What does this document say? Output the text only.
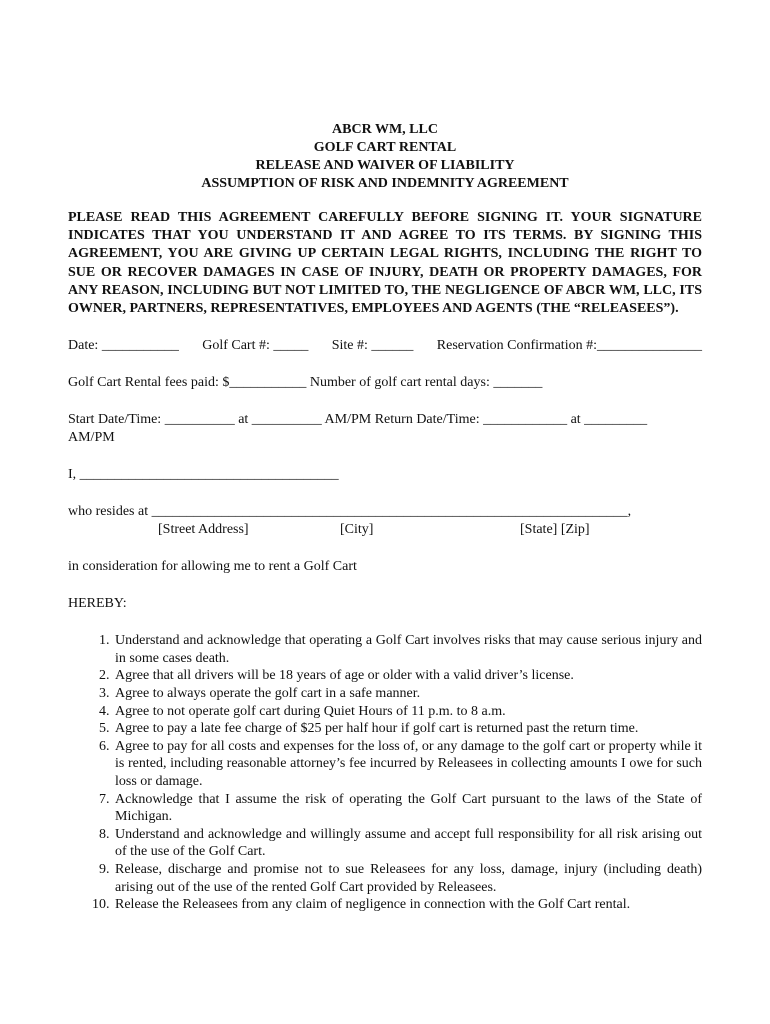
ABCR WM, LLC
GOLF CART RENTAL
RELEASE AND WAIVER OF LIABILITY
ASSUMPTION OF RISK AND INDEMNITY AGREEMENT
PLEASE READ THIS AGREEMENT CAREFULLY BEFORE SIGNING IT. YOUR SIGNATURE INDICATES THAT YOU UNDERSTAND IT AND AGREE TO ITS TERMS. BY SIGNING THIS AGREEMENT, YOU ARE GIVING UP CERTAIN LEGAL RIGHTS, INCLUDING THE RIGHT TO SUE OR RECOVER DAMAGES IN CASE OF INJURY, DEATH OR PROPERTY DAMAGES, FOR ANY REASON, INCLUDING BUT NOT LIMITED TO, THE NEGLIGENCE OF ABCR WM, LLC, ITS OWNER, PARTNERS, REPRESENTATIVES, EMPLOYEES AND AGENTS (THE “RELEASEES”).
Date: ___________ Golf Cart #: _____ Site #: ______ Reservation Confirmation #:_______________
Golf Cart Rental fees paid: $___________ Number of golf cart rental days: _______
Start Date/Time: __________ at __________ AM/PM Return Date/Time: ____________ at _________
AM/PM
I, _____________________________________
who resides at ____________________________________________________________________,
[Street Address]	[City]	[State] [Zip]
in consideration for allowing me to rent a Golf Cart
HEREBY:
1. Understand and acknowledge that operating a Golf Cart involves risks that may cause serious injury and in some cases death.
2. Agree that all drivers will be 18 years of age or older with a valid driver’s license.
3. Agree to always operate the golf cart in a safe manner.
4. Agree to not operate golf cart during Quiet Hours of 11 p.m. to 8 a.m.
5. Agree to pay a late fee charge of $25 per half hour if golf cart is returned past the return time.
6. Agree to pay for all costs and expenses for the loss of, or any damage to the golf cart or property while it is rented, including reasonable attorney’s fee incurred by Releasees in collecting amounts I owe for such loss or damage.
7. Acknowledge that I assume the risk of operating the Golf Cart pursuant to the laws of the State of Michigan.
8. Understand and acknowledge and willingly assume and accept full responsibility for all risk arising out of the use of the Golf Cart.
9. Release, discharge and promise not to sue Releasees for any loss, damage, injury (including death) arising out of the use of the rented Golf Cart provided by Releasees.
10. Release the Releasees from any claim of negligence in connection with the Golf Cart rental.
